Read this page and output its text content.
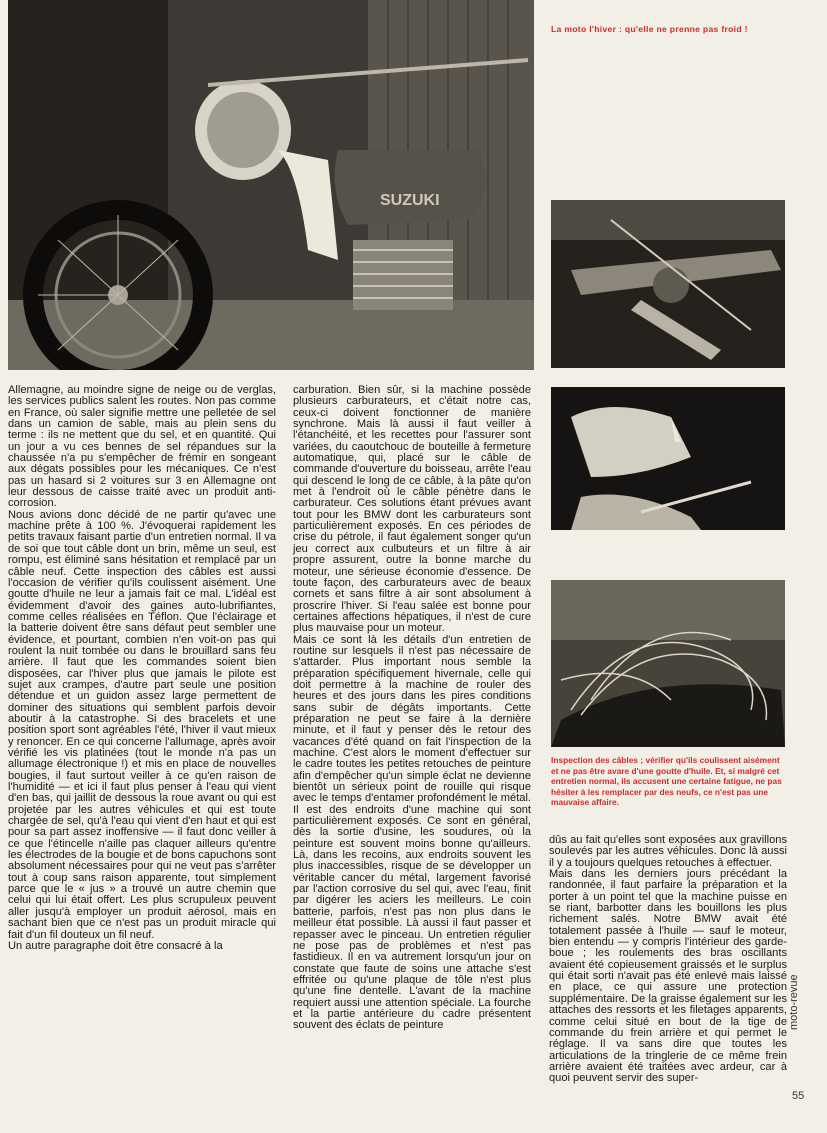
SUZUKI
La moto l'hiver : qu'elle ne prenne pas froid !
Inspection des câbles ; vérifier qu'ils coulissent aisément et ne pas être avare d'une goutte d'huile. Et, si malgré cet entretien normal, ils accusent une certaine fatigue, ne pas hésiter à les remplacer par des neufs, ce n'est pas une mauvaise affaire.

Allemagne, au moindre signe de neige ou de verglas, les services publics salent les routes. Non pas comme en France, où saler signifie mettre une pelletée de sel dans un camion de sable, mais au plein sens du terme : ils ne mettent que du sel, et en quantité. Qui un jour a vu ces bennes de sel répandues sur la chaussée n'a pu s'empêcher de frémir en songeant aux dégats possibles pour les mécaniques. Ce n'est pas un hasard si 2 voitures sur 3 en Allemagne ont leur dessous de caisse traité avec un produit anti-corrosion.

Nous avions donc décidé de ne partir qu'avec une machine prête à 100 %. J'évoquerai rapidement les petits travaux faisant partie d'un entretien normal. Il va de soi que tout câble dont un brin, même un seul, est rompu, est éliminé sans hésitation et remplacé par un câble neuf. Cette inspection des câbles est aussi l'occasion de vérifier qu'ils coulissent aisément. Une goutte d'huile ne leur a jamais fait ce mal. L'idéal est évidemment d'avoir des gaines auto-lubrifiantes, comme celles réalisées en Téflon. Que l'éclairage et la batterie doivent être sans défaut peut sembler une évidence, et pourtant, combien n'en voit-on pas qui roulent la nuit tombée ou dans le brouillard sans feu arrière. Il faut que les commandes soient bien disposées, car l'hiver plus que jamais le pilote est sujet aux crampes, d'autre part seule une position détendue et un guidon assez large permettent de dominer des situations qui semblent parfois devoir aboutir à la catastrophe. Si des bracelets et une position sport sont agréables l'été, l'hiver il vaut mieux y renoncer. En ce qui concerne l'allumage, après avoir vérifié les vis platinées (tout le monde n'a pas un allumage électronique !) et mis en place de nouvelles bougies, il faut surtout veiller à ce qu'en raison de l'humidité — et ici il faut plus penser à l'eau qui vient d'en bas, qui jaillit de dessous la roue avant ou qui est projetée par les autres véhicules et qui est toute chargée de sel, qu'à l'eau qui vient d'en haut et qui est pour sa part assez inoffensive — il faut donc veiller à ce que l'étincelle n'aille pas claquer ailleurs qu'entre les électrodes de la bougie et de bons capuchons sont absolument nécessaires pour qui ne veut pas s'arrêter tout à coup sans raison apparente, tout simplement parce que le « jus » a trouvé un autre chemin que celui qui lui était offert. Les plus scrupuleux peuvent aller jusqu'à employer un produit aérosol, mais en sachant bien que ce n'est pas un produit miracle qui fait d'un fil douteux un fil neuf.

Un autre paragraphe doit être consacré à la

carburation. Bien sûr, si la machine possède plusieurs carburateurs, et c'était notre cas, ceux-ci doivent fonctionner de manière synchrone. Mais là aussi il faut veiller à l'étanchéité, et les recettes pour l'assurer sont variées, du caoutchouc de bouteille à fermeture automatique, qui, placé sur le câble de commande d'ouverture du boisseau, arrête l'eau qui descend le long de ce câble, à la pâte qu'on met à l'endroit où le câble pénètre dans le carburateur. Ces solutions étant prévues avant tout pour les BMW dont les carburateurs sont particulièrement exposés. En ces périodes de crise du pétrole, il faut également songer qu'un jeu correct aux culbuteurs et un filtre à air propre assurent, outre la bonne marche du moteur, une sérieuse économie d'essence. De toute façon, des carburateurs avec de beaux cornets et sans filtre à air sont absolument à proscrire l'hiver. Si l'eau salée est bonne pour certaines affections hépatiques, il n'est de cure plus mauvaise pour un moteur.

Mais ce sont là les détails d'un entretien de routine sur lesquels il n'est pas nécessaire de s'attarder. Plus important nous semble la préparation spécifiquement hivernale, celle qui doit permettre à la machine de rouler des heures et des jours dans les pires conditions sans subir de dégâts importants. Cette préparation ne peut se faire à la dernière minute, et il faut y penser dès le retour des vacances d'été quand on fait l'inspection de la machine. C'est alors le moment d'effectuer sur le cadre toutes les petites retouches de peinture afin d'empêcher qu'un simple éclat ne devienne bientôt un sérieux point de rouille qui risque avec le temps d'entamer profondément le métal. Il est des endroits d'une machine qui sont particulièrement exposés. Ce sont en général, dès la sortie d'usine, les soudures, où la peinture est souvent moins bonne qu'ailleurs. Là, dans les recoins, aux endroits souvent les plus inaccessibles, risque de se développer un véritable cancer du métal, largement favorisé par l'action corrosive du sel qui, avec l'eau, finit par digérer les aciers les meilleurs. Le coin batterie, parfois, n'est pas non plus dans le meilleur état possible. Là aussi il faut passer et repasser avec le pinceau. Un entretien régulier ne pose pas de problèmes et n'est pas fastidieux. Il en va autrement lorsqu'un jour on constate que faute de soins une attache s'est effritée ou qu'une plaque de tôle n'est plus qu'une fine dentelle. L'avant de la machine requiert aussi une attention spéciale. La fourche et la partie antérieure du cadre présentent souvent des éclats de peinture

dûs au fait qu'elles sont exposées aux gravillons soulevés par les autres véhicules. Donc là aussi il y a toujours quelques retouches à effectuer.

Mais dans les derniers jours précédant la randonnée, il faut parfaire la préparation et la porter à un point tel que la machine puisse en se riant, barbotter dans les bouillons les plus richement salés. Notre BMW avait été totalement passée à l'huile — sauf le moteur, bien entendu — y compris l'intérieur des garde-boue ; les roulements des bras oscillants avaient été copieusement graissés et le surplus qui était sorti n'avait pas été enlevé mais laissé en place, ce qui assure une protection supplémentaire. De la graisse également sur les attaches des ressorts et les filetages apparents, comme celui situé en bout de la tige de commande du frein arrière et qui permet le réglage. Il va sans dire que toutes les articulations de la tringlerie de ce même frein arrière avaient été traitées avec ardeur, car à quoi peuvent servir des super-

moto-revue
55
